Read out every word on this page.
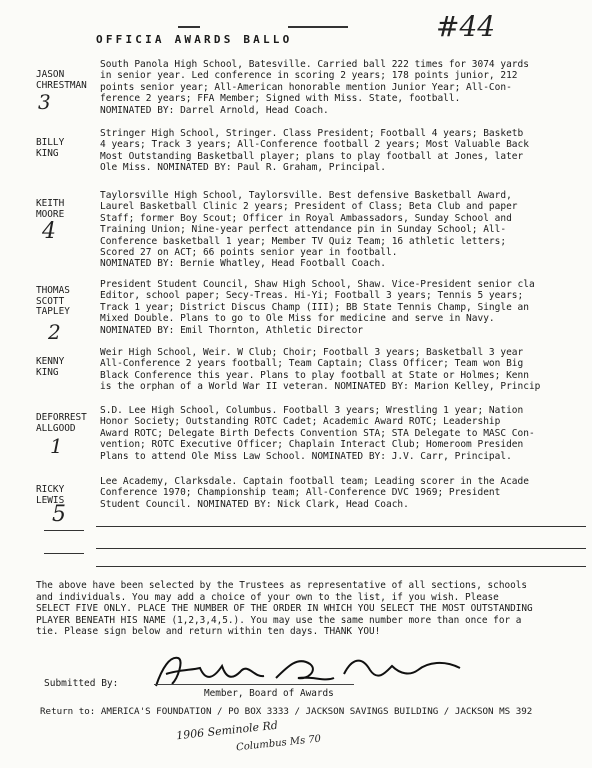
OFFICIA AWARDS BALLO	#44
JASON
CHRESTMAN
3
South Panola High School, Batesville. Carried ball 222 times for 3074 yards
in senior year. Led conference in scoring 2 years; 178 points junior, 212
points senior year; All-American honorable mention Junior Year; All-Con-
ference 2 years; FFA Member; Signed with Miss. State, football.
NOMINATED BY: Darrel Arnold, Head Coach.
BILLY
KING
Stringer High School, Stringer. Class President; Football 4 years; Basketb
4 years; Track 3 years; All-Conference football 2 years; Most Valuable Back
Most Outstanding Basketball player; plans to play football at Jones, later
Ole Miss. NOMINATED BY: Paul R. Graham, Principal.
KEITH
MOORE
4
Taylorsville High School, Taylorsville. Best defensive Basketball Award,
Laurel Basketball Clinic 2 years; President of Class; Beta Club and paper
Staff; former Boy Scout; Officer in Royal Ambassadors, Sunday School and
Training Union; Nine-year perfect attendance pin in Sunday School; All-
Conference basketball 1 year; Member TV Quiz Team; 16 athletic letters;
Scored 27 on ACT; 66 points senior year in football.
NOMINATED BY: Bernie Whatley, Head Football Coach.
THOMAS
SCOTT
TAPLEY
2
President Student Council, Shaw High School, Shaw. Vice-President senior cla
Editor, school paper; Secy-Treas. Hi-Yi; Football 3 years; Tennis 5 years;
Track 1 year; District Discus Champ (III); BB State Tennis Champ, Single an
Mixed Double. Plans to go to Ole Miss for medicine and serve in Navy.
NOMINATED BY: Emil Thornton, Athletic Director
KENNY
KING
Weir High School, Weir. W Club; Choir; Football 3 years; Basketball 3 year
All-Conference 2 years football; Team Captain; Class Officer; Team won Big
Black Conference this year. Plans to play football at State or Holmes; Kenn
is the orphan of a World War II veteran. NOMINATED BY: Marion Kelley, Princip
DEFORREST
ALLGOOD
1
S.D. Lee High School, Columbus. Football 3 years; Wrestling 1 year; Nation
Honor Society; Outstanding ROTC Cadet; Academic Award ROTC; Leadership
Award ROTC; Delegate Birth Defects Convention STA; STA Delegate to MASC Con-
vention; ROTC Executive Officer; Chaplain Interact Club; Homeroom Presiden
Plans to attend Ole Miss Law School. NOMINATED BY: J.V. Carr, Principal.
RICKY
LEWIS
5
Lee Academy, Clarksdale. Captain football team; Leading scorer in the Acade
Conference 1970; Championship team; All-Conference DVC 1969; President
Student Council. NOMINATED BY: Nick Clark, Head Coach.
The above have been selected by the Trustees as representative of all sections, schools
and individuals. You may add a choice of your own to the list, if you wish. Please
SELECT FIVE ONLY. PLACE THE NUMBER OF THE ORDER IN WHICH YOU SELECT THE MOST OUTSTANDING
PLAYER BENEATH HIS NAME (1,2,3,4,5.). You may use the same number more than once for a
tie. Please sign below and return within ten days. THANK YOU!
Submitted By:
Member, Board of Awards
Return to: AMERICA'S FOUNDATION / PO BOX 3333 / JACKSON SAVINGS BUILDING / JACKSON MS 392
1906 Seminole Rd
Columbus Ms 70
